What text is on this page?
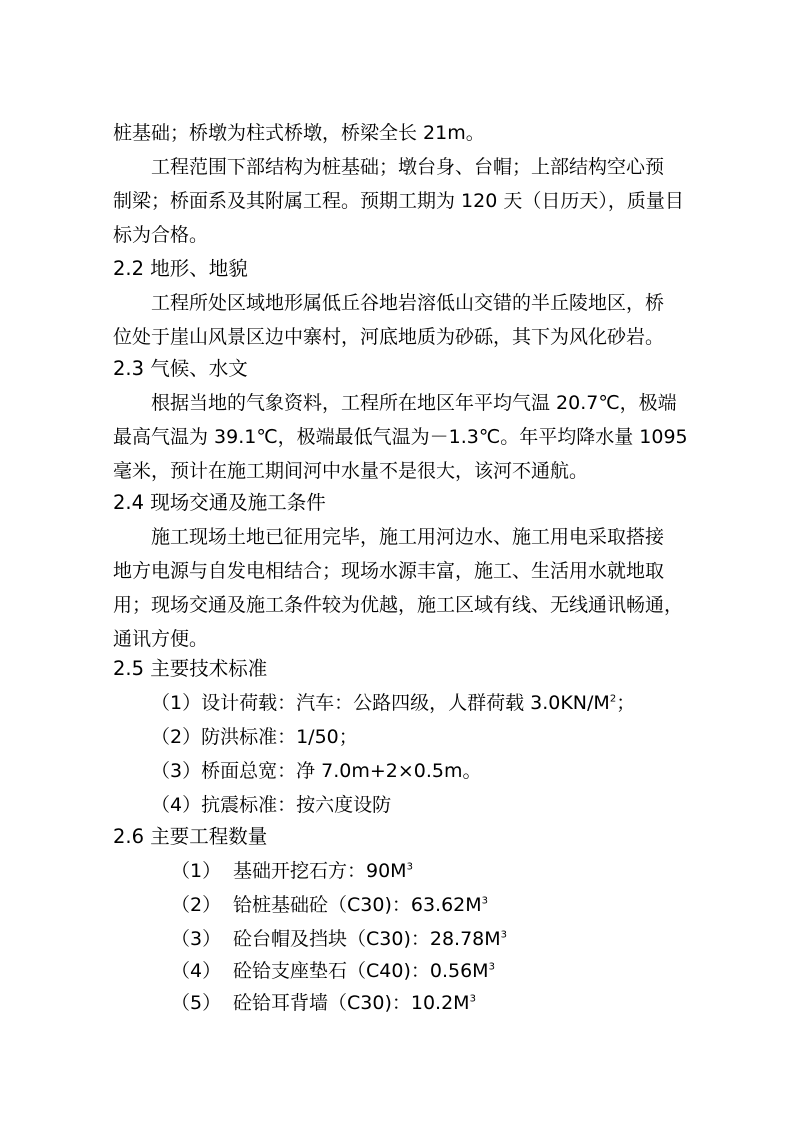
桩基础；桥墩为柱式桥墩，桥梁全长 21m。
工程范围下部结构为桩基础；墩台身、台帽；上部结构空心预
制梁；桥面系及其附属工程。预期工期为 120 天（日历天），质量目
标为合格。
2.2 地形、地貌
工程所处区域地形属低丘谷地岩溶低山交错的半丘陵地区，桥
位处于崖山风景区边中寨村，河底地质为砂砾，其下为风化砂岩。
2.3 气候、水文
根据当地的气象资料，工程所在地区年平均气温 20.7℃，极端
最高气温为 39.1℃，极端最低气温为－1.3℃。年平均降水量 1095
毫米，预计在施工期间河中水量不是很大，该河不通航。
2.4 现场交通及施工条件
施工现场土地已征用完毕，施工用河边水、施工用电采取搭接
地方电源与自发电相结合；现场水源丰富，施工、生活用水就地取
用；现场交通及施工条件较为优越，施工区域有线、无线通讯畅通，
通讯方便。
2.5 主要技术标准
（1）设计荷载：汽车：公路四级，人群荷载 $3.0KN/M^2$；
（2）防洪标准：1/50；
（3）桥面总宽：净 7.0m+2×0.5m。
（4）抗震标准：按六度设防
2.6 主要工程数量
（1） 基础开挖石方：$90M^3$
（2） 铪桩基础砼（C30)：$63.62M^3$
（3） 砼台帽及挡块（C30)：$28.78M^3$
（4） 砼铪支座垫石（C40)：$0.56M^3$
（5） 砼铪耳背墙（C30)：$10.2M^3$
